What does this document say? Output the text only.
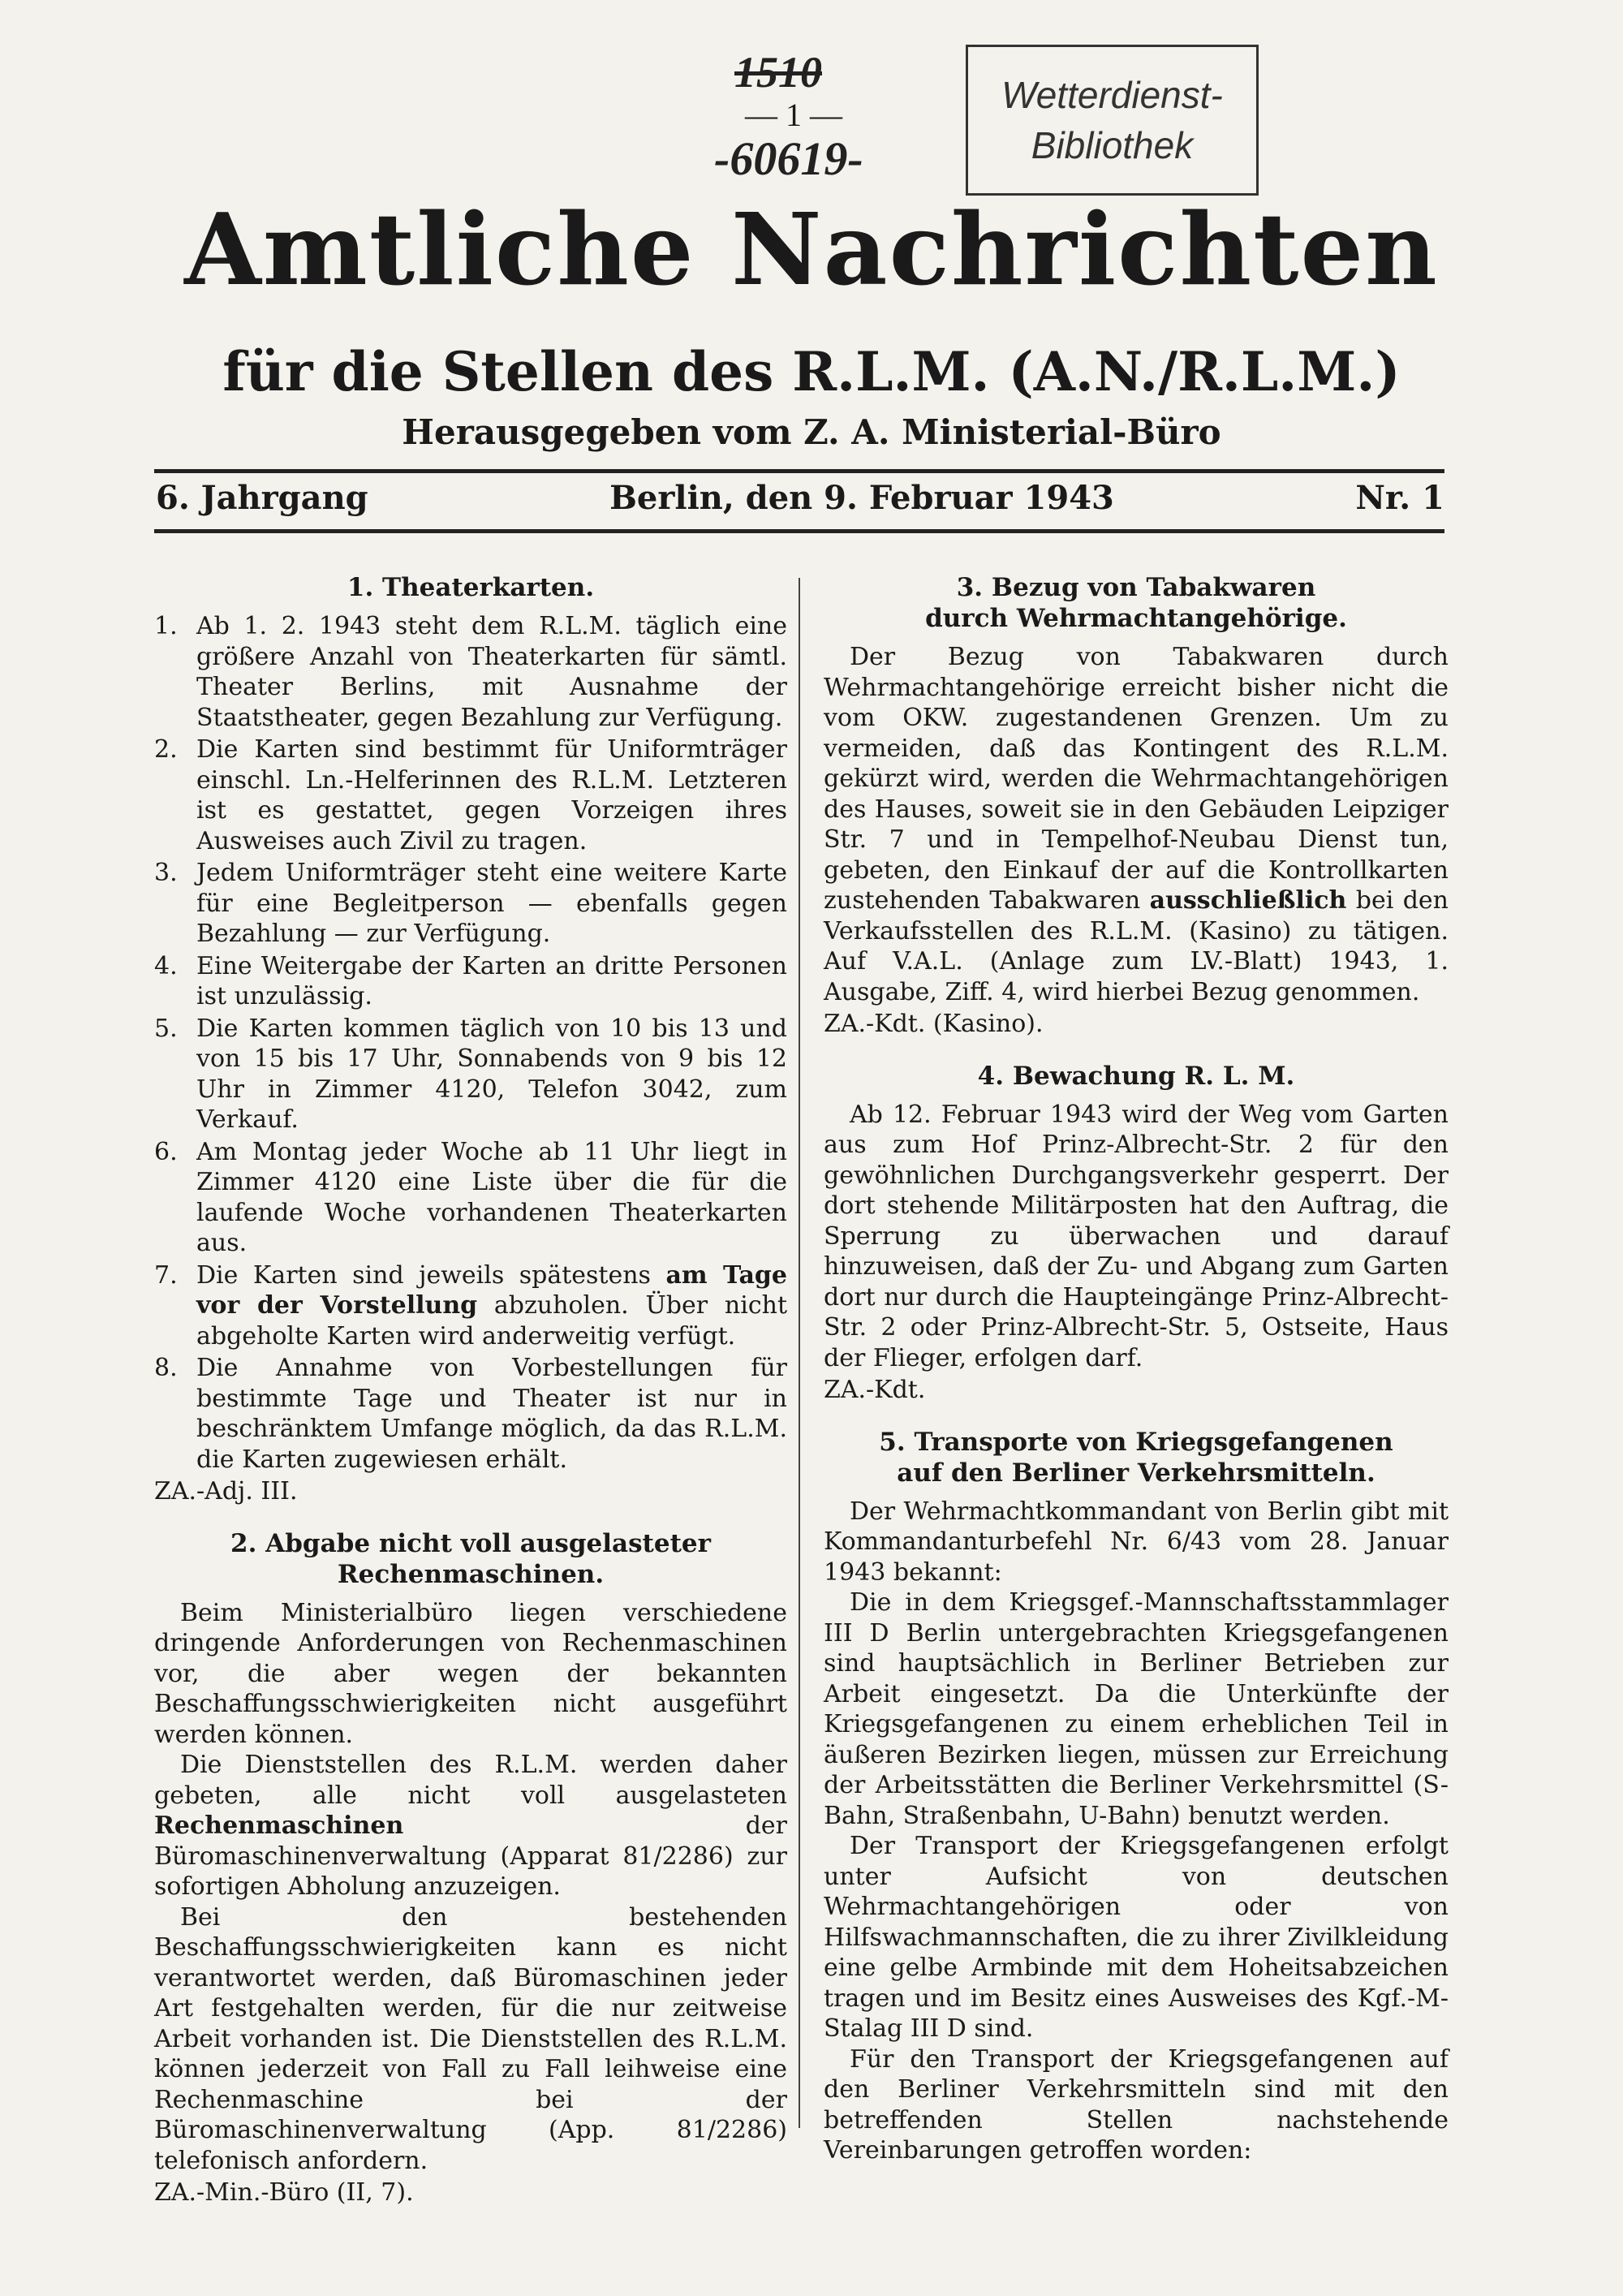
1510
— 1 —
-60619-
Wetterdienst-
Bibliothek
Amtliche Nachrichten
für die Stellen des R.L.M. (A.N./R.L.M.)
Herausgegeben vom Z. A. Ministerial-Büro
6. Jahrgang	Berlin, den 9. Februar 1943	Nr. 1
1. Theaterkarten.
1. Ab 1. 2. 1943 steht dem R.L.M. täglich eine größere Anzahl von Theaterkarten für sämtl. Theater Berlins, mit Ausnahme der Staatstheater, gegen Bezahlung zur Verfügung.
2. Die Karten sind bestimmt für Uniformträger einschl. Ln.-Helferinnen des R.L.M. Letzteren ist es gestattet, gegen Vorzeigen ihres Ausweises auch Zivil zu tragen.
3. Jedem Uniformträger steht eine weitere Karte für eine Begleitperson — ebenfalls gegen Bezahlung — zur Verfügung.
4. Eine Weitergabe der Karten an dritte Personen ist unzulässig.
5. Die Karten kommen täglich von 10 bis 13 und von 15 bis 17 Uhr, Sonnabends von 9 bis 12 Uhr in Zimmer 4120, Telefon 3042, zum Verkauf.
6. Am Montag jeder Woche ab 11 Uhr liegt in Zimmer 4120 eine Liste über die für die laufende Woche vorhandenen Theaterkarten aus.
7. Die Karten sind jeweils spätestens am Tage vor der Vorstellung abzuholen. Über nicht abgeholte Karten wird anderweitig verfügt.
8. Die Annahme von Vorbestellungen für bestimmte Tage und Theater ist nur in beschränktem Umfange möglich, da das R.L.M. die Karten zugewiesen erhält.
ZA.-Adj. III.
2. Abgabe nicht voll ausgelasteter
Rechenmaschinen.

Beim Ministerialbüro liegen verschiedene dringende Anforderungen von Rechenmaschinen vor, die aber wegen der bekannten Beschaffungsschwierigkeiten nicht ausgeführt werden können.

Die Dienststellen des R.L.M. werden daher gebeten, alle nicht voll ausgelasteten Rechenmaschinen der Büromaschinenverwaltung (Apparat 81/2286) zur sofortigen Abholung anzuzeigen.

Bei den bestehenden Beschaffungsschwierigkeiten kann es nicht verantwortet werden, daß Büromaschinen jeder Art festgehalten werden, für die nur zeitweise Arbeit vorhanden ist. Die Dienststellen des R.L.M. können jederzeit von Fall zu Fall leihweise eine Rechenmaschine bei der Büromaschinenverwaltung (App. 81/2286) telefonisch anfordern.

ZA.-Min.-Büro (II, 7).
3. Bezug von Tabakwaren
durch Wehrmachtangehörige.

Der Bezug von Tabakwaren durch Wehrmachtangehörige erreicht bisher nicht die vom OKW. zugestandenen Grenzen. Um zu vermeiden, daß das Kontingent des R.L.M. gekürzt wird, werden die Wehrmachtangehörigen des Hauses, soweit sie in den Gebäuden Leipziger Str. 7 und in Tempelhof-Neubau Dienst tun, gebeten, den Einkauf der auf die Kontrollkarten zustehenden Tabakwaren ausschließlich bei den Verkaufsstellen des R.L.M. (Kasino) zu tätigen. Auf V.A.L. (Anlage zum LV.-Blatt) 1943, 1. Ausgabe, Ziff. 4, wird hierbei Bezug genommen.

ZA.-Kdt. (Kasino).
4. Bewachung R. L. M.

Ab 12. Februar 1943 wird der Weg vom Garten aus zum Hof Prinz-Albrecht-Str. 2 für den gewöhnlichen Durchgangsverkehr gesperrt. Der dort stehende Militärposten hat den Auftrag, die Sperrung zu überwachen und darauf hinzuweisen, daß der Zu- und Abgang zum Garten dort nur durch die Haupteingänge Prinz-Albrecht-Str. 2 oder Prinz-Albrecht-Str. 5, Ostseite, Haus der Flieger, erfolgen darf.

ZA.-Kdt.
5. Transporte von Kriegsgefangenen
auf den Berliner Verkehrsmitteln.

Der Wehrmachtkommandant von Berlin gibt mit Kommandanturbefehl Nr. 6/43 vom 28. Januar 1943 bekannt:

Die in dem Kriegsgef.-Mannschaftsstammlager III D Berlin untergebrachten Kriegsgefangenen sind hauptsächlich in Berliner Betrieben zur Arbeit eingesetzt. Da die Unterkünfte der Kriegsgefangenen zu einem erheblichen Teil in äußeren Bezirken liegen, müssen zur Erreichung der Arbeitsstätten die Berliner Verkehrsmittel (S-Bahn, Straßenbahn, U-Bahn) benutzt werden.

Der Transport der Kriegsgefangenen erfolgt unter Aufsicht von deutschen Wehrmachtangehörigen oder von Hilfswachmannschaften, die zu ihrer Zivilkleidung eine gelbe Armbinde mit dem Hoheitsabzeichen tragen und im Besitz eines Ausweises des Kgf.-M-Stalag III D sind.

Für den Transport der Kriegsgefangenen auf den Berliner Verkehrsmitteln sind mit den betreffenden Stellen nachstehende Vereinbarungen getroffen worden:
